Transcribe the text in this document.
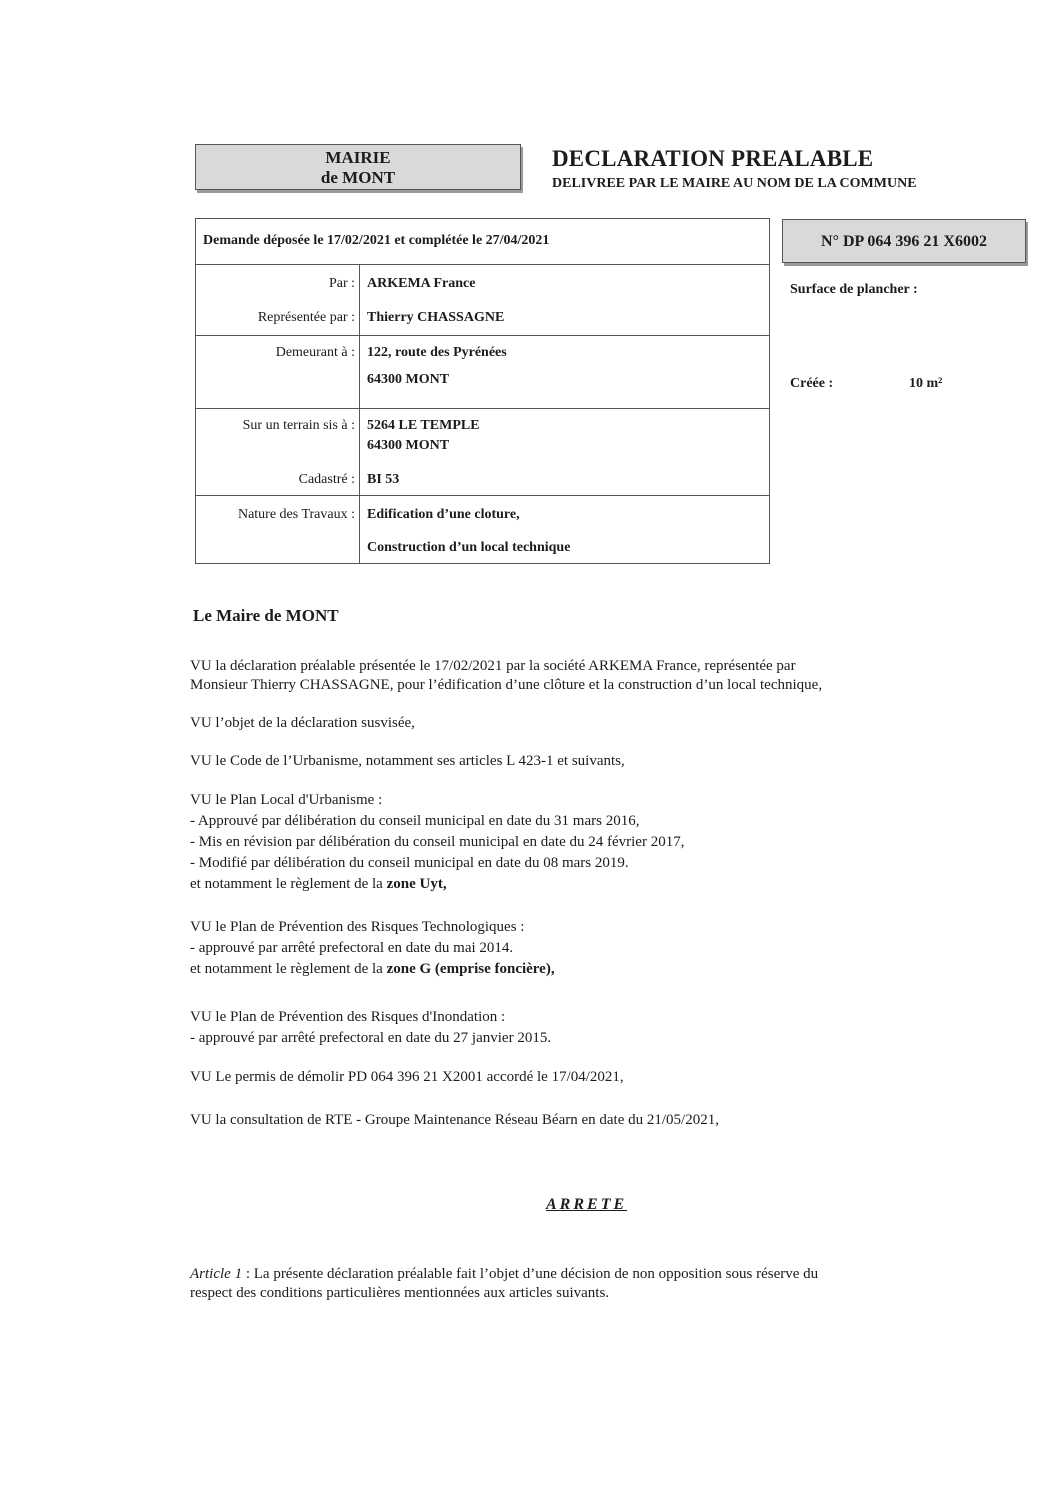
MAIRIE
de MONT
DECLARATION PREALABLE
DELIVREE PAR LE MAIRE AU NOM DE LA COMMUNE
Demande déposée le 17/02/2021 et complétée le 27/04/2021
Par : ARKEMA France
Représentée par : Thierry CHASSAGNE
Demeurant à : 122, route des Pyrénées
64300 MONT
Sur un terrain sis à : 5264 LE TEMPLE
64300 MONT
Cadastré : BI 53
Nature des Travaux : Edification d’une cloture,
Construction d’un local technique
N° DP 064 396 21 X6002
Surface de plancher :
Créée :	10 m²
Le Maire de MONT
VU la déclaration préalable présentée le 17/02/2021 par la société ARKEMA France, représentée par
Monsieur Thierry CHASSAGNE, pour l’édification d’une clôture et la construction d’un local technique,
VU l’objet de la déclaration susvisée,
VU le Code de l’Urbanisme, notamment ses articles L 423-1 et suivants,
VU le Plan Local d'Urbanisme :
- Approuvé par délibération du conseil municipal en date du 31 mars 2016,
- Mis en révision par délibération du conseil municipal en date du 24 février 2017,
- Modifié par délibération du conseil municipal en date du 08 mars 2019.
et notamment le règlement de la zone Uyt,
VU le Plan de Prévention des Risques Technologiques :
- approuvé par arrêté prefectoral en date du mai 2014.
et notamment le règlement de la zone G (emprise foncière),
VU le Plan de Prévention des Risques d'Inondation :
- approuvé par arrêté prefectoral en date du 27 janvier 2015.
VU Le permis de démolir PD 064 396 21 X2001 accordé le 17/04/2021,
VU la consultation de RTE - Groupe Maintenance Réseau Béarn en date du 21/05/2021,
ARRETE
Article 1 : La présente déclaration préalable fait l’objet d’une décision de non opposition sous réserve du
respect des conditions particulières mentionnées aux articles suivants.
